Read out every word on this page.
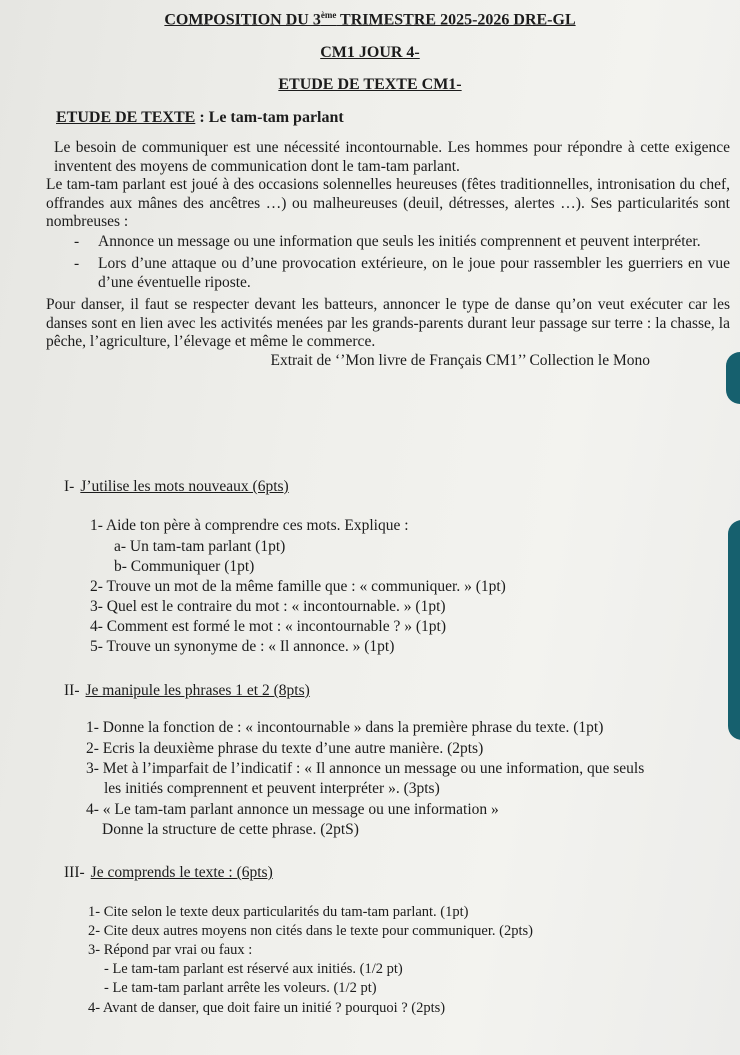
COMPOSITION DU 3ème TRIMESTRE 2025-2026 DRE-GL
CM1 JOUR 4-
ETUDE DE TEXTE CM1-
ETUDE DE TEXTE : Le tam-tam parlant

Le besoin de communiquer est une nécessité incontournable. Les hommes pour répondre à cette exigence inventent des moyens de communication dont le tam-tam parlant.

Le tam-tam parlant est joué à des occasions solennelles heureuses (fêtes traditionnelles, intronisation du chef, offrandes aux mânes des ancêtres …) ou malheureuses (deuil, détresses, alertes …). Ses particularités sont nombreuses :

- Annonce un message ou une information que seuls les initiés comprennent et peuvent interpréter.
- Lors d’une attaque ou d’une provocation extérieure, on le joue pour rassembler les guerriers en vue d’une éventuelle riposte.

Pour danser, il faut se respecter devant les batteurs, annoncer le type de danse qu’on veut exécuter car les danses sont en lien avec les activités menées par les grands-parents durant leur passage sur terre : la chasse, la pêche, l’agriculture, l’élevage et même le commerce.

Extrait de ‘’Mon livre de Français CM1’’ Collection le Mono

I- J’utilise les mots nouveaux (6pts)
1- Aide ton père à comprendre ces mots. Explique :
a- Un tam-tam parlant (1pt)
b- Communiquer (1pt)
2- Trouve un mot de la même famille que : « communiquer. » (1pt)
3- Quel est le contraire du mot : « incontournable. » (1pt)
4- Comment est formé le mot : « incontournable ? » (1pt)
5- Trouve un synonyme de : « Il annonce. » (1pt)
II- Je manipule les phrases 1 et 2 (8pts)
1- Donne la fonction de : « incontournable » dans la première phrase du texte. (1pt)
2- Ecris la deuxième phrase du texte d’une autre manière. (2pts)
3- Met à l’imparfait de l’indicatif : « Il annonce un message ou une information, que seuls
les initiés comprennent et peuvent interpréter ». (3pts)
4- « Le tam-tam parlant annonce un message ou une information »
Donne la structure de cette phrase. (2ptS)
III- Je comprends le texte : (6pts)
1- Cite selon le texte deux particularités du tam-tam parlant. (1pt)
2- Cite deux autres moyens non cités dans le texte pour communiquer. (2pts)
3- Répond par vrai ou faux :
- Le tam-tam parlant est réservé aux initiés. (1/2 pt)
- Le tam-tam parlant arrête les voleurs. (1/2 pt)
4- Avant de danser, que doit faire un initié ? pourquoi ? (2pts)
